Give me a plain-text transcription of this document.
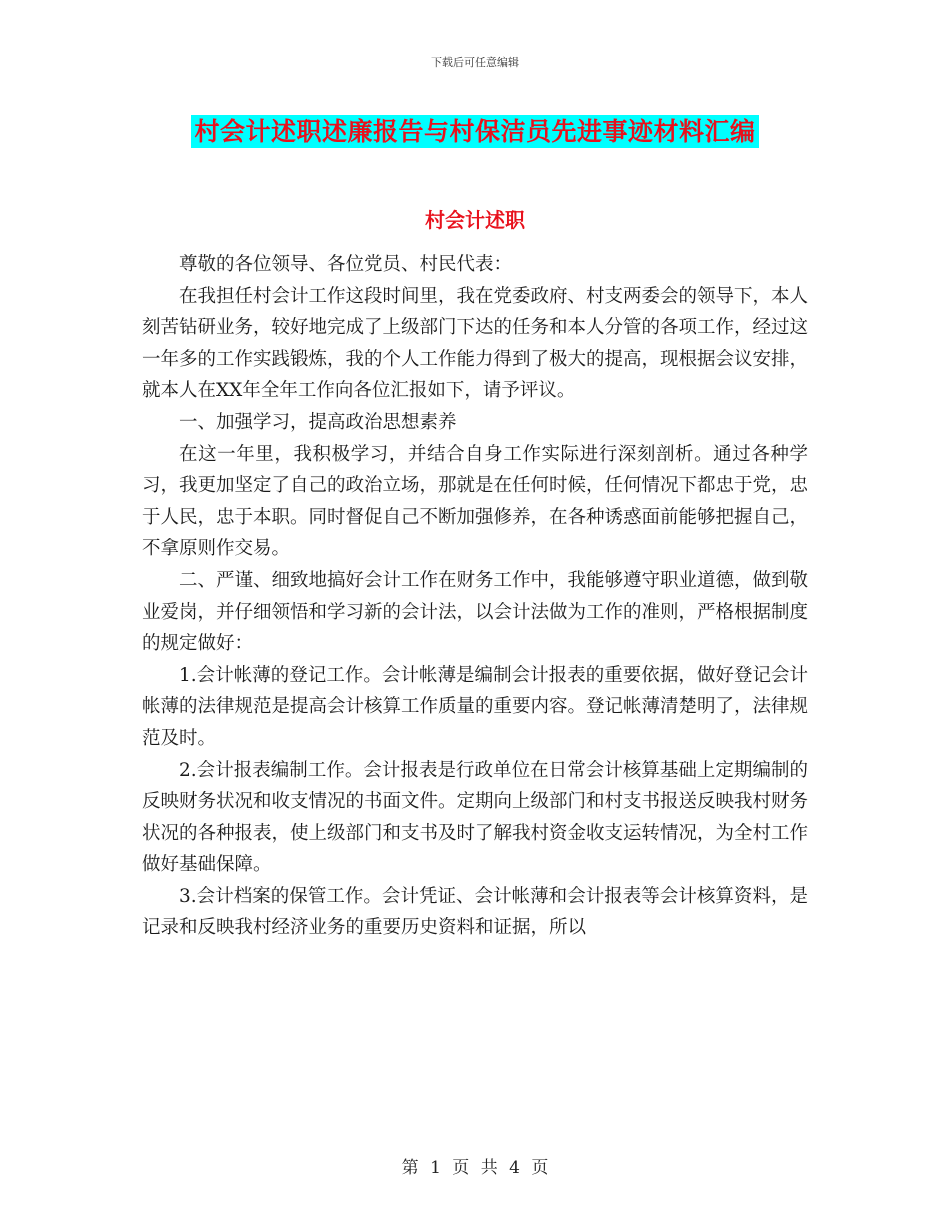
下载后可任意编辑
村会计述职述廉报告与村保洁员先进事迹材料汇编
村会计述职

尊敬的各位领导、各位党员、村民代表：

在我担任村会计工作这段时间里，我在党委政府、村支两委会的领导下，本人刻苦钻研业务，较好地完成了上级部门下达的任务和本人分管的各项工作，经过这一年多的工作实践锻炼，我的个人工作能力得到了极大的提高，现根据会议安排，就本人在XX年全年工作向各位汇报如下，请予评议。

一、加强学习，提高政治思想素养

在这一年里，我积极学习，并结合自身工作实际进行深刻剖析。通过各种学习，我更加坚定了自己的政治立场，那就是在任何时候，任何情况下都忠于党，忠于人民，忠于本职。同时督促自己不断加强修养，在各种诱惑面前能够把握自己，不拿原则作交易。

二、严谨、细致地搞好会计工作在财务工作中，我能够遵守职业道德，做到敬业爱岗，并仔细领悟和学习新的会计法，以会计法做为工作的准则，严格根据制度的规定做好：

1.会计帐薄的登记工作。会计帐薄是编制会计报表的重要依据，做好登记会计帐薄的法律规范是提高会计核算工作质量的重要内容。登记帐薄清楚明了，法律规范及时。

2.会计报表编制工作。会计报表是行政单位在日常会计核算基础上定期编制的反映财务状况和收支情况的书面文件。定期向上级部门和村支书报送反映我村财务状况的各种报表，使上级部门和支书及时了解我村资金收支运转情况，为全村工作做好基础保障。

3.会计档案的保管工作。会计凭证、会计帐薄和会计报表等会计核算资料，是记录和反映我村经济业务的重要历史资料和证据，所以

第 1 页 共 4 页
